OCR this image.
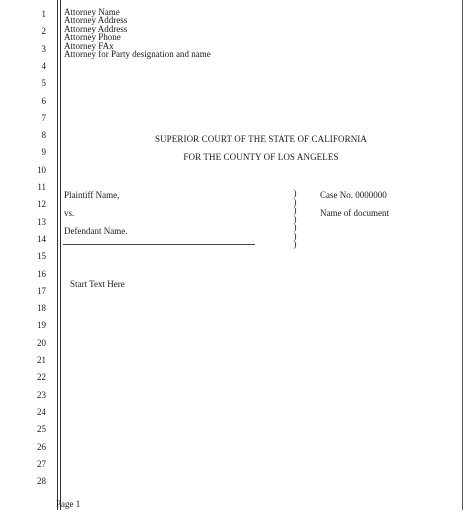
1
2
3
4
5
6
7
8
9
10
11
12
13
14
15
16
17
18
19
20
21
22
23
24
25
26
27
28
Attorney Name
Attorney Address
Attorney Address
Attorney Phone
Attorney FAx
Attorney for Party designation and name
SUPERIOR COURT OF THE STATE OF CALIFORNIA
FOR THE COUNTY OF LOS ANGELES
Plaintiff Name,
vs.
Defendant Name.
)
)
)
)
)
)
)
Case No. 0000000
Name of document
Start Text Here
Page 1
